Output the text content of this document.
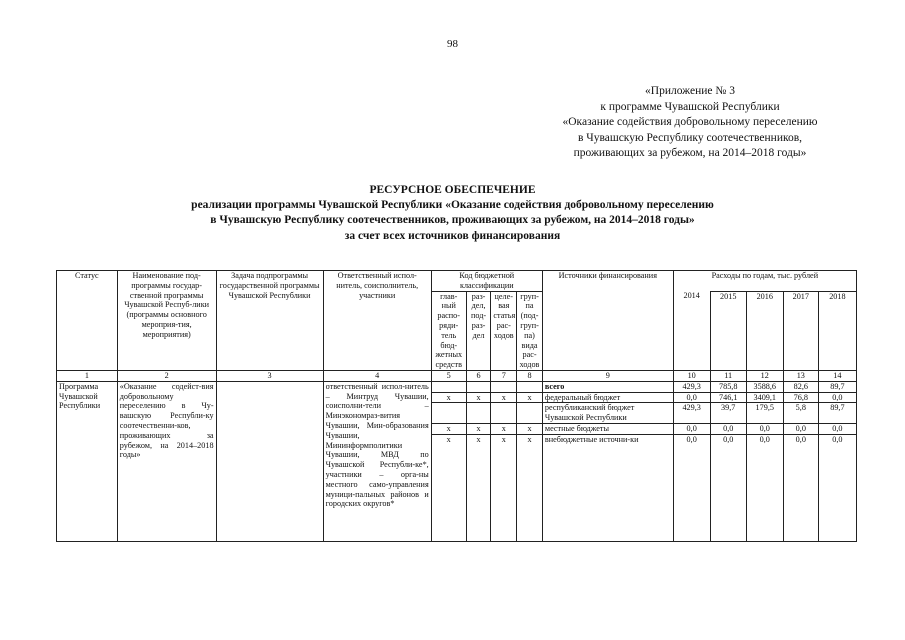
98
«Приложение № 3
к программе Чувашской Республики
«Оказание содействия добровольному переселению
в Чувашскую Республику соотечественников,
проживающих за рубежом, на 2014–2018 годы»
РЕСУРСНОЕ ОБЕСПЕЧЕНИЕ
реализации программы Чувашской Республики «Оказание содействия добровольному переселению
в Чувашскую Республику соотечественников, проживающих за рубежом, на 2014–2018 годы»
за счет всех источников финансирования
Статус	Наименование под-программы государ-ственной программы Чувашской Респуб-лики (программы основного мероприя-тия, мероприятия)	Задача подпрограммы государственной программы Чувашской Республики	Ответственный испол-нитель, соисполнитель, участники	Код бюджетной классификации				Источники финансирования	Расходы по годам, тыс. рублей				
				глав-ный распо-ряди-тель бюд-жетных средств	раз-дел, под-раз-дел	целе-вая статья рас-ходов	груп-па (под-груп-па) вида рас-ходов		2014	2015	2016	2017	2018
1	2	3	4	5	6	7	8	9	10	11	12	13	14
Программа Чувашской Республики	«Оказание содейст-вия добровольному переселению в Чу-вашскую Республи-ку соотечественни-ков, проживающих за рубежом, на 2014–2018 годы»		ответственный испол-нитель – Минтруд Чувашии, соисполни-тели – Минэкономраз-вития Чувашии, Мин-образования Чувашии, Мининформполитики Чувашии, МВД по Чувашской Республи-ке*, участники – орга-ны местного само-управления муници-пальных районов и городских округов*					всего	429,3	785,8	3588,6	82,6	89,7
				х	х	х	х	федеральный бюджет	0,0	746,1	3409,1	76,8	0,0
								республиканский бюджет Чувашской Республики	429,3	39,7	179,5	5,8	89,7
				х	х	х	х	местные бюджеты	0,0	0,0	0,0	0,0	0,0
				х	х	х	х	внебюджетные источни-ки	0,0	0,0	0,0	0,0	0,0
